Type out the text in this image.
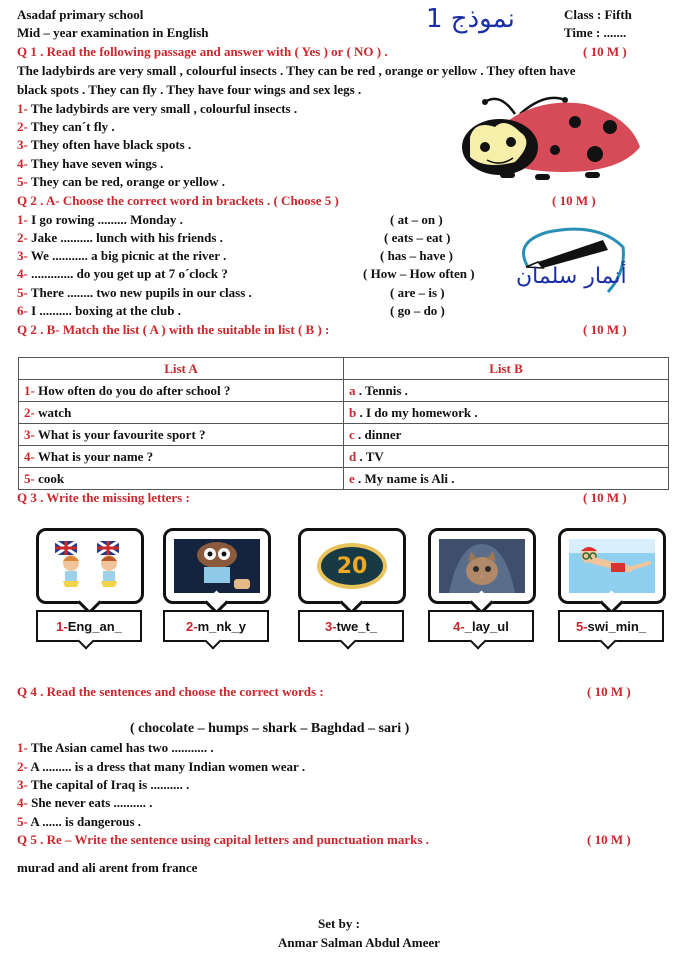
Asadaf primary school
Mid – year examination in English	نموذج 1	Class : Fifth
Time : .......
Q 1 . Read the following passage and answer with ( Yes ) or ( NO ) .	( 10 M )
The ladybirds are very small , colourful insects . They can be red , orange or yellow . They often have
black spots . They can fly . They have four wings and sex legs .
1- The ladybirds are very small , colourful insects .
2- They can´t fly .
3- They often have black spots .
4- They have seven wings .
5- They can be red, orange or yellow .
Q 2 . A- Choose the correct word in brackets . ( Choose 5 )	( 10 M )
1- I go rowing ......... Monday .	( at – on )
2- Jake .......... lunch with his friends .	( eats – eat )
3- We ........... a big picnic at the river .	( has – have )
4- ............. do you get up at 7 o´clock ?	( How – How often )
5- There ........ two new pupils in our class .	( are – is )
6- I .......... boxing at the club .	( go – do )
أنمار سلمان
Q 2 . B- Match the list ( A ) with the suitable in list ( B ) :	( 10 M )
List A	List B
1- How often do you do after school ?	a . Tennis .
2- watch	b . I do my homework .
3- What is your favourite sport ?	c . dinner
4- What is your name ?	d . TV
5- cook	e . My name is Ali .
Q 3 . Write the missing letters :	( 10 M )
1- Eng_an_	2- m_nk_y
20
3- twe_t_	4- _lay_ul	5- swi_min_
Q 4 . Read the sentences and choose the correct words :	( 10 M )
( chocolate – humps – shark – Baghdad – sari )
1- The Asian camel has two ........... .
2- A ......... is a dress that many Indian women wear .
3- The capital of Iraq is .......... .
4- She never eats .......... .
5- A ...... is dangerous .
Q 5 . Re – Write the sentence using capital letters and punctuation marks .	( 10 M )
murad and ali arent from france
Set by :
Anmar Salman Abdul Ameer
